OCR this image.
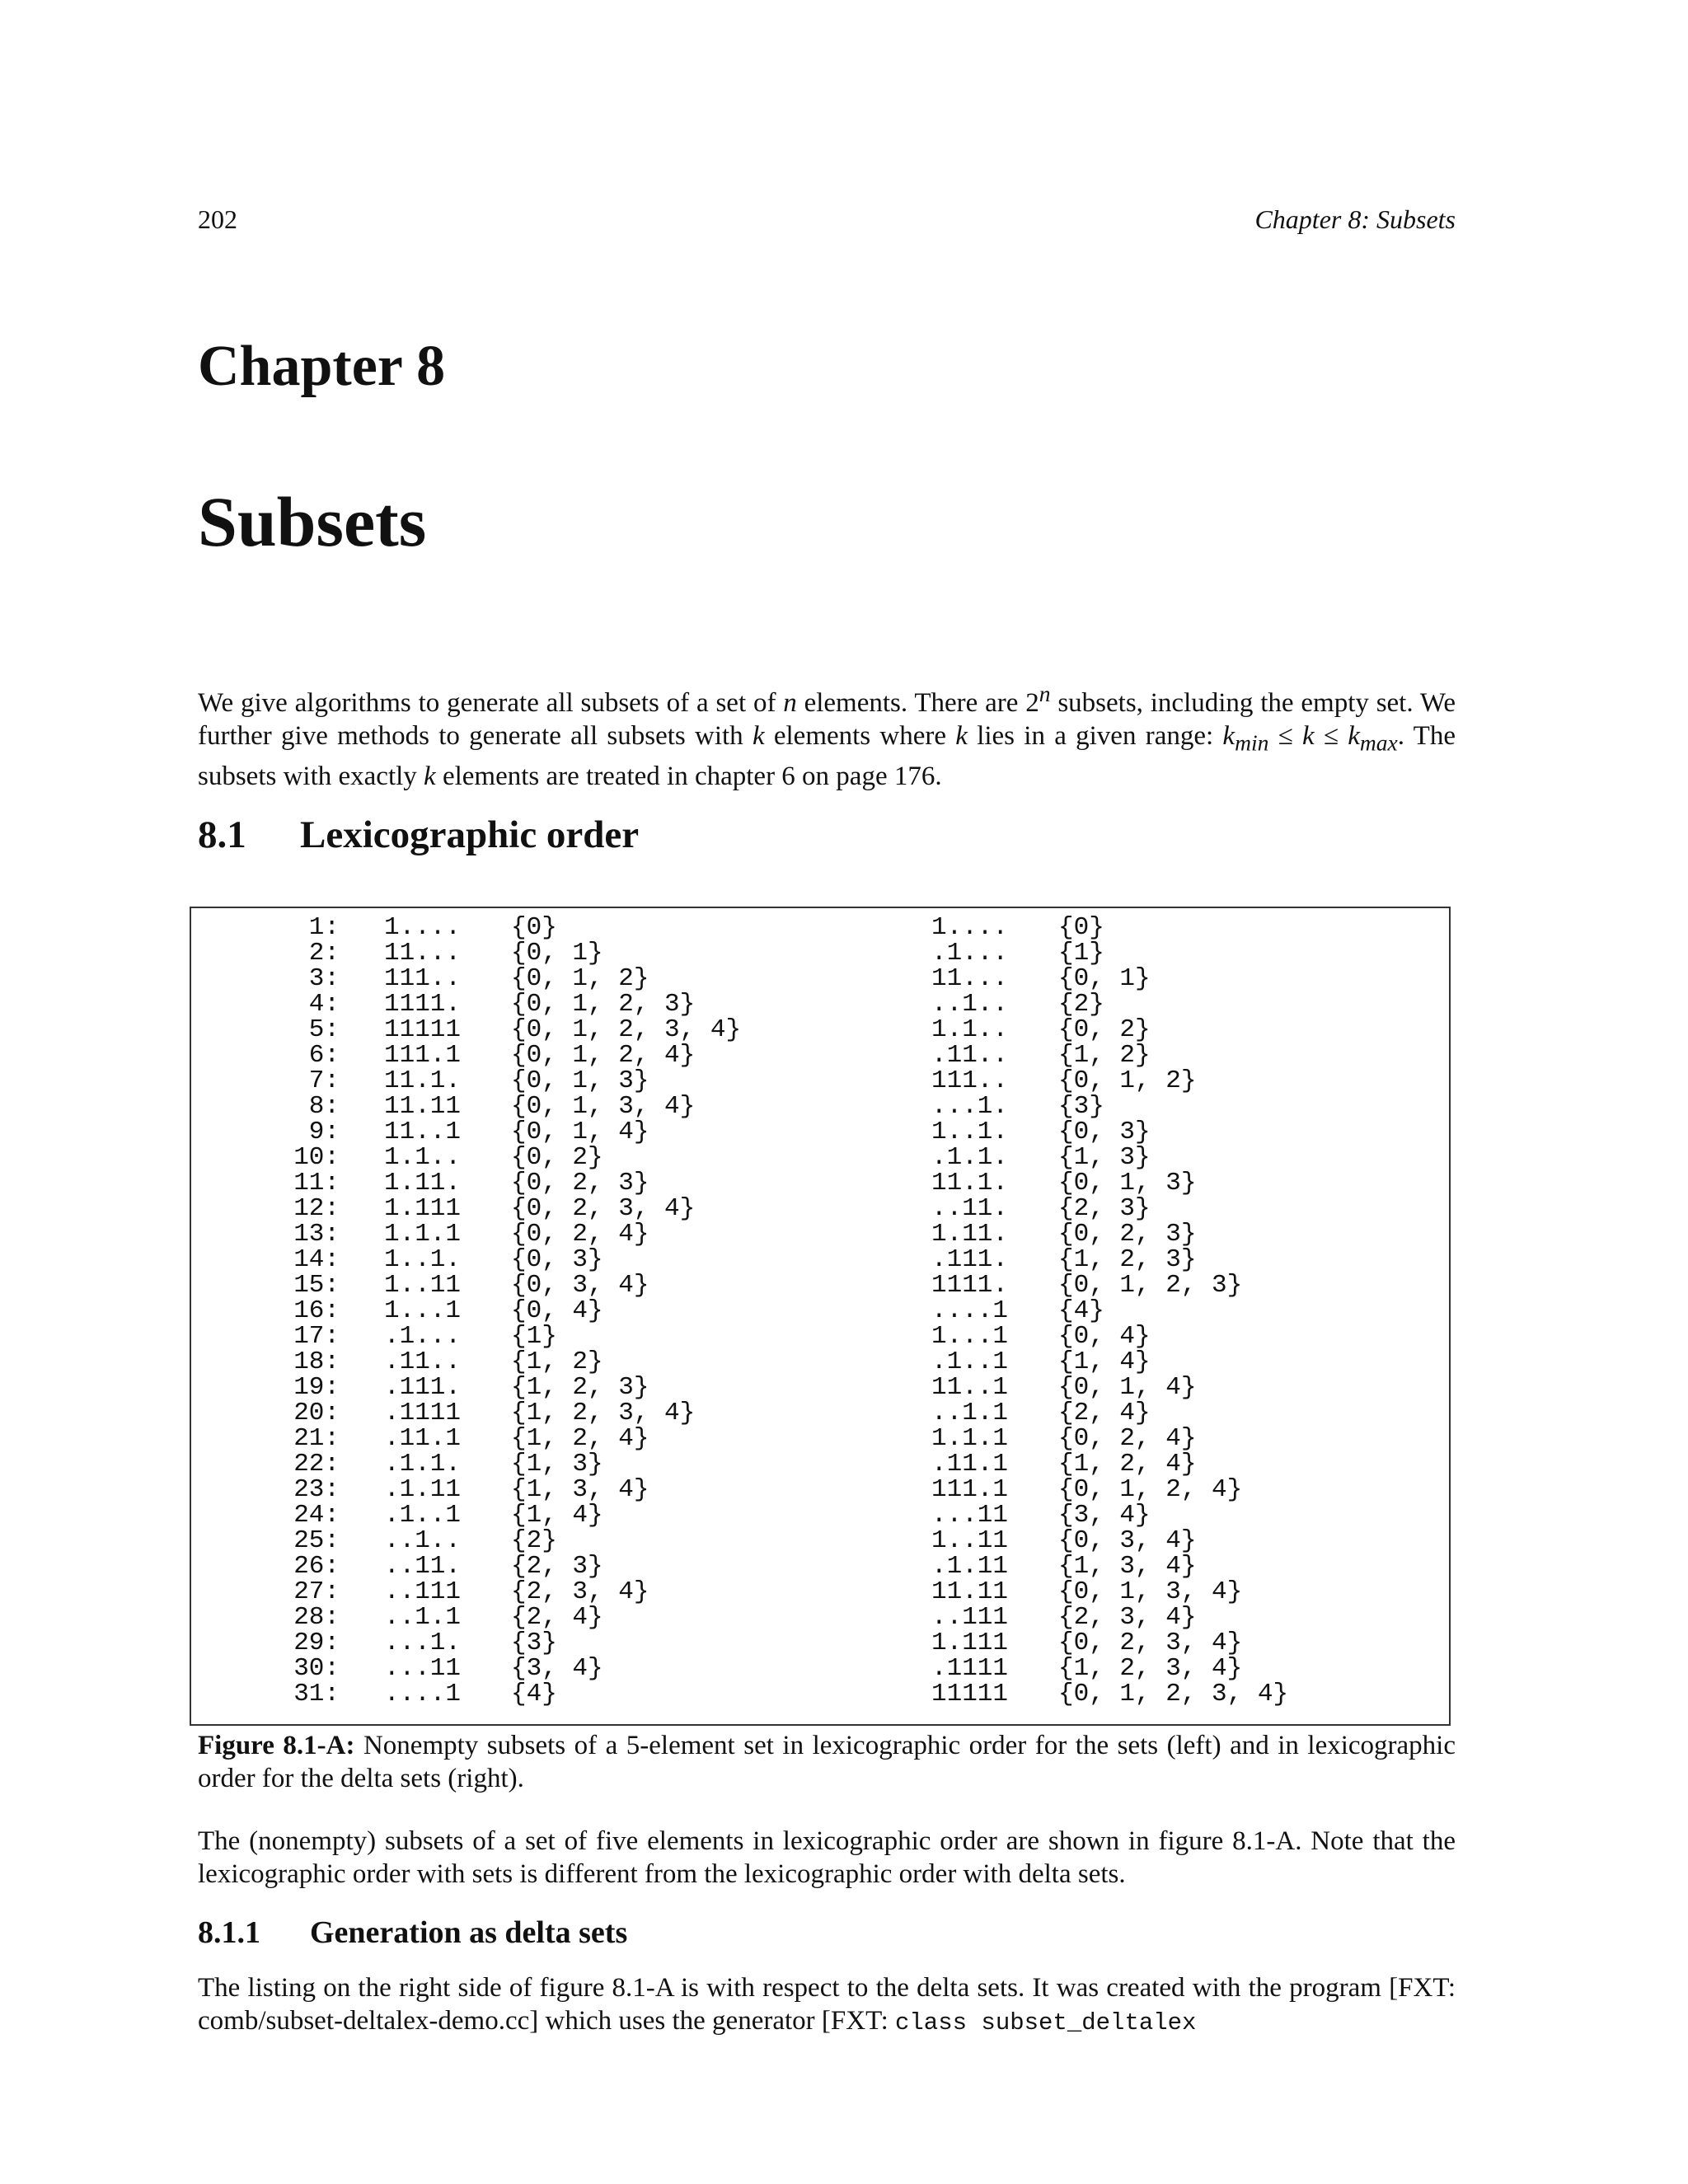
202	Chapter 8: Subsets
Chapter 8
Subsets

We give algorithms to generate all subsets of a set of n elements. There are 2$^n$ subsets, including the empty set. We further give methods to generate all subsets with k elements where k lies in a given range: $k_{min} \le k \le k_{max}$. The subsets with exactly k elements are treated in chapter 6 on page 176.

8.1 Lexicographic order
1: 1.... {0}	1.... {0}
2: 11... {0, 1}	.1... {1}
3: 111.. {0, 1, 2}	11... {0, 1}
4: 1111. {0, 1, 2, 3}	..1.. {2}
5: 11111 {0, 1, 2, 3, 4}	1.1.. {0, 2}
6: 111.1 {0, 1, 2, 4}	.11.. {1, 2}
7: 11.1. {0, 1, 3}	111.. {0, 1, 2}
8: 11.11 {0, 1, 3, 4}	...1. {3}
9: 11..1 {0, 1, 4}	1..1. {0, 3}
10: 1.1.. {0, 2}	.1.1. {1, 3}
11: 1.11. {0, 2, 3}	11.1. {0, 1, 3}
12: 1.111 {0, 2, 3, 4}	..11. {2, 3}
13: 1.1.1 {0, 2, 4}	1.11. {0, 2, 3}
14: 1..1. {0, 3}	.111. {1, 2, 3}
15: 1..11 {0, 3, 4}	1111. {0, 1, 2, 3}
16: 1...1 {0, 4}	....1 {4}
17: .1... {1}	1...1 {0, 4}
18: .11.. {1, 2}	.1..1 {1, 4}
19: .111. {1, 2, 3}	11..1 {0, 1, 4}
20: .1111 {1, 2, 3, 4}	..1.1 {2, 4}
21: .11.1 {1, 2, 4}	1.1.1 {0, 2, 4}
22: .1.1. {1, 3}	.11.1 {1, 2, 4}
23: .1.11 {1, 3, 4}	111.1 {0, 1, 2, 4}
24: .1..1 {1, 4}	...11 {3, 4}
25: ..1.. {2}	1..11 {0, 3, 4}
26: ..11. {2, 3}	.1.11 {1, 3, 4}
27: ..111 {2, 3, 4}	11.11 {0, 1, 3, 4}
28: ..1.1 {2, 4}	..111 {2, 3, 4}
29: ...1. {3}	1.111 {0, 2, 3, 4}
30: ...11 {3, 4}	.1111 {1, 2, 3, 4}
31: ....1 {4}	11111 {0, 1, 2, 3, 4}

Figure 8.1-A: Nonempty subsets of a 5-element set in lexicographic order for the sets (left) and in lexicographic order for the delta sets (right).

The (nonempty) subsets of a set of five elements in lexicographic order are shown in figure 8.1-A. Note that the lexicographic order with sets is different from the lexicographic order with delta sets.

8.1.1 Generation as delta sets

The listing on the right side of figure 8.1-A is with respect to the delta sets. It was created with the program [FXT: comb/subset-deltalex-demo.cc] which uses the generator [FXT: class subset_deltalex
